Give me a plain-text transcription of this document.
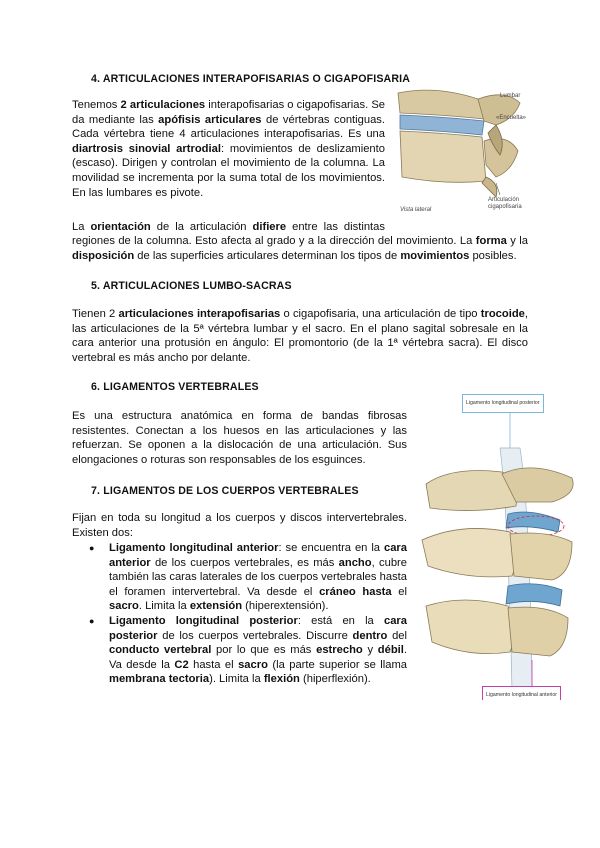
4. ARTICULACIONES INTERAPOFISARIAS O CIGAPOFISARIA
Tenemos 2 articulaciones interapofisarias o cigapofisarias. Se da mediante las apófisis articulares de vértebras contiguas. Cada vértebra tiene 4 articulaciones interapofisarias. Es una diartrosis sinovial artrodial: movimientos de deslizamiento (escaso). Dirigen y controlan el movimiento de la columna. La movilidad se incrementa por la suma total de los movimientos. En las lumbares es pivote.
Lumbar
«Encuelta»
Vista lateral
Articulación cigapofisaria
La orientación de la articulación difiere entre las distintas
regiones de la columna. Esto afecta al grado y a la dirección del movimiento. La forma y la disposición de las superficies articulares determinan los tipos de movimientos posibles.
5. ARTICULACIONES LUMBO-SACRAS
Tienen 2 articulaciones interapofisarias o cigapofisaria, una articulación de tipo trocoide, las articulaciones de la 5ª vértebra lumbar y el sacro. En el plano sagital sobresale en la cara anterior una protusión en ángulo: El promontorio (de la 1ª vértebra sacra). El disco vertebral es más ancho por delante.
6. LIGAMENTOS VERTEBRALES
Es una estructura anatómica en forma de bandas fibrosas resistentes. Conectan a los huesos en las articulaciones y las refuerzan. Se oponen a la dislocación de una articulación. Sus elongaciones o roturas son responsables de los esguinces.
7. LIGAMENTOS DE LOS CUERPOS VERTEBRALES
Fijan en toda su longitud a los cuerpos y discos intervertebrales. Existen dos:
● Ligamento longitudinal anterior: se encuentra en la cara anterior de los cuerpos vertebrales, es más ancho, cubre también las caras laterales de los cuerpos vertebrales hasta el foramen intervertebral. Va desde el cráneo hasta el sacro. Limita la extensión (hiperextensión).
● Ligamento longitudinal posterior: está en la cara posterior de los cuerpos vertebrales. Discurre dentro del conducto vertebral por lo que es más estrecho y débil. Va desde la C2 hasta el sacro (la parte superior se llama membrana tectoria). Limita la flexión (hiperflexión).
Ligamento longitudinal posterior
Ligamento longitudinal anterior
